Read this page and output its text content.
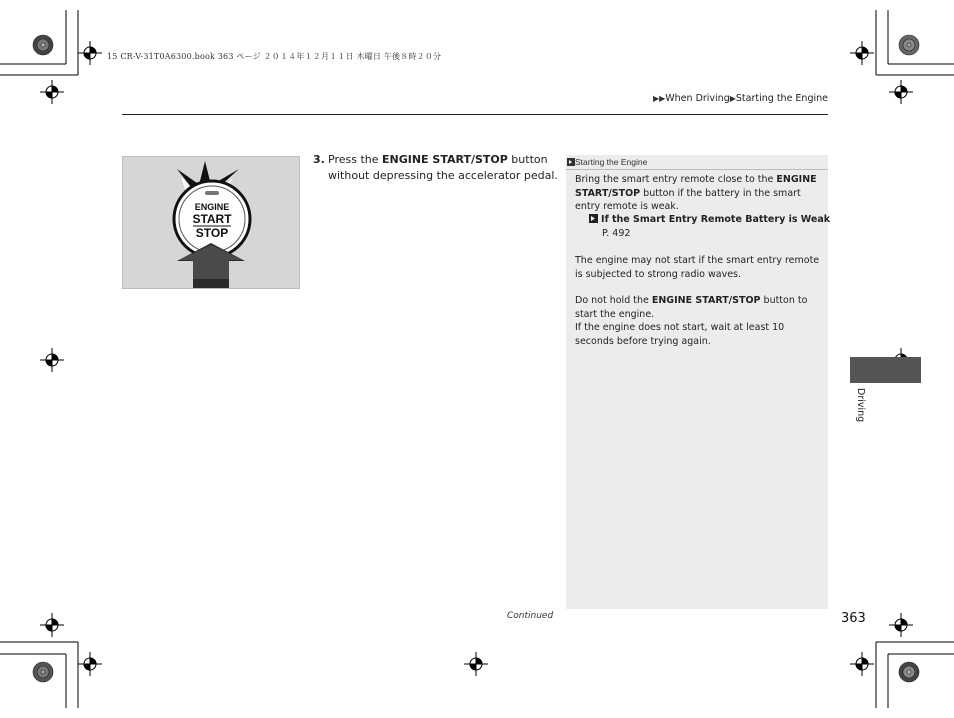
15 CR-V-31T0A6300.book 363 ページ ２０１４年１２月１１日 木曜日 午後８時２０分
▶▶When Driving▶Starting the Engine
ENGINE
START
STOP
3. Press the ENGINE START/STOP button without depressing the accelerator pedal.
Starting the Engine
Bring the smart entry remote close to the ENGINE START/STOP button if the battery in the smart entry remote is weak.
If the Smart Entry Remote Battery is Weak
P. 492
The engine may not start if the smart entry remote is subjected to strong radio waves.
Do not hold the ENGINE START/STOP button to start the engine.
If the engine does not start, wait at least 10 seconds before trying again.
Continued	363
Driving
